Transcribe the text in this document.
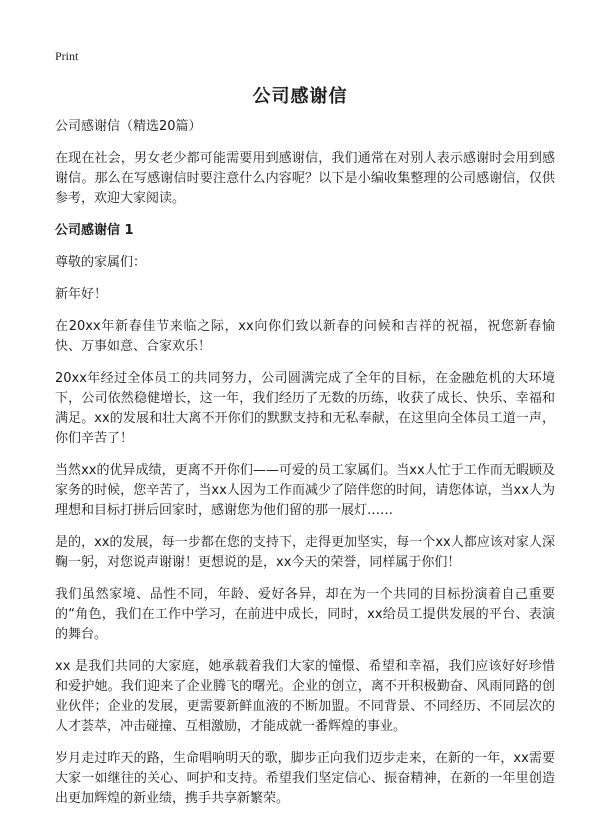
Print
公司感谢信

公司感谢信（精选20篇）

在现在社会，男女老少都可能需要用到感谢信，我们通常在对别人表示感谢时会用到感谢信。那么在写感谢信时要注意什么内容呢？以下是小编收集整理的公司感谢信，仅供参考，欢迎大家阅读。

公司感谢信 1

尊敬的家属们：

新年好！

在20xx年新春佳节来临之际，xx向你们致以新春的问候和吉祥的祝福，祝您新春愉快、万事如意、合家欢乐！

20xx年经过全体员工的共同努力，公司圆满完成了全年的目标，在金融危机的大环境下，公司依然稳健增长，这一年，我们经历了无数的历练，收获了成长、快乐、幸福和满足。xx的发展和壮大离不开你们的默默支持和无私奉献，在这里向全体员工道一声，你们辛苦了！

当然xx的优异成绩，更离不开你们——可爱的员工家属们。当xx人忙于工作而无暇顾及家务的时候，您辛苦了，当xx人因为工作而减少了陪伴您的时间，请您体谅，当xx人为理想和目标打拼后回家时，感谢您为他们留的那一展灯……

是的，xx的发展，每一步都在您的支持下，走得更加坚实，每一个xx人都应该对家人深鞠一躬，对您说声谢谢！更想说的是，xx今天的荣誉，同样属于你们！

我们虽然家境、品性不同，年龄、爱好各异，却在为一个共同的目标扮演着自己重要的“角色，我们在工作中学习，在前进中成长，同时，xx给员工提供发展的平台、表演的舞台。

xx 是我们共同的大家庭，她承载着我们大家的憧憬、希望和幸福，我们应该好好珍惜和爱护她。我们迎来了企业腾飞的曙光。企业的创立，离不开积极勤奋、风雨同路的创业伙伴；企业的发展，更需要新鲜血液的不断加盟。不同背景、不同经历、不同层次的人才荟萃，冲击碰撞、互相激励，才能成就一番辉煌的事业。

岁月走过昨天的路，生命唱响明天的歌，脚步正向我们迈步走来，在新的一年，xx需要大家一如继往的关心、呵护和支持。希望我们坚定信心、振奋精神，在新的一年里创造出更加辉煌的新业绩，携手共享新繁荣。
